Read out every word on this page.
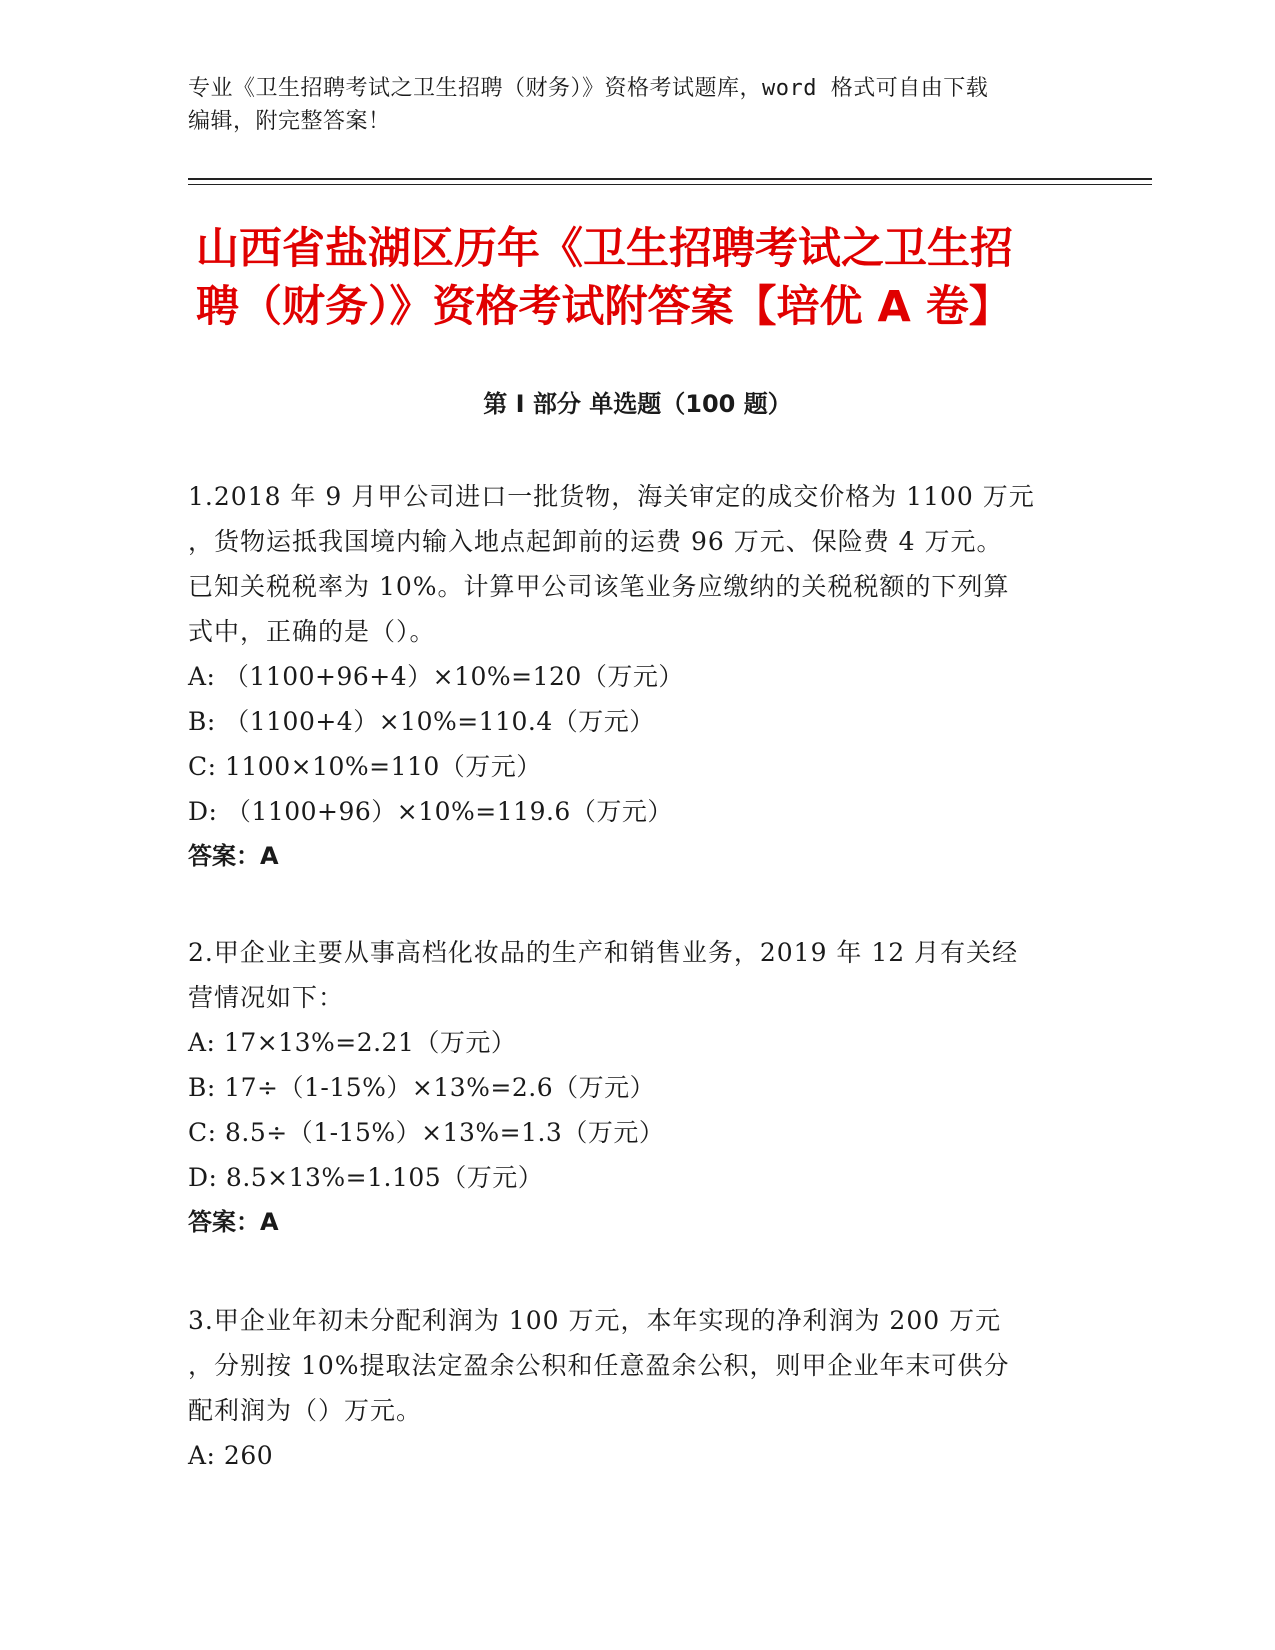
专业《卫生招聘考试之卫生招聘（财务）》资格考试题库，word 格式可自由下载
编辑，附完整答案！
山西省盐湖区历年《卫生招聘考试之卫生招
聘（财务）》资格考试附答案【培优 A 卷】
第 I 部分 单选题（100 题）
1.2018 年 9 月甲公司进口一批货物，海关审定的成交价格为 1100 万元
，货物运抵我国境内输入地点起卸前的运费 96 万元、保险费 4 万元。
已知关税税率为 10%。计算甲公司该笔业务应缴纳的关税税额的下列算
式中，正确的是（）。
A: （1100+96+4）×10%=120（万元）
B: （1100+4）×10%=110.4（万元）
C: 1100×10%=110（万元）
D: （1100+96）×10%=119.6（万元）
答案：A
2.甲企业主要从事高档化妆品的生产和销售业务，2019 年 12 月有关经
营情况如下：
A: 17×13%=2.21（万元）
B: 17÷（1-15%）×13%=2.6（万元）
C: 8.5÷（1-15%）×13%=1.3（万元）
D: 8.5×13%=1.105（万元）
答案：A
3.甲企业年初未分配利润为 100 万元，本年实现的净利润为 200 万元
，分别按 10%提取法定盈余公积和任意盈余公积，则甲企业年末可供分
配利润为（）万元。
A: 260
